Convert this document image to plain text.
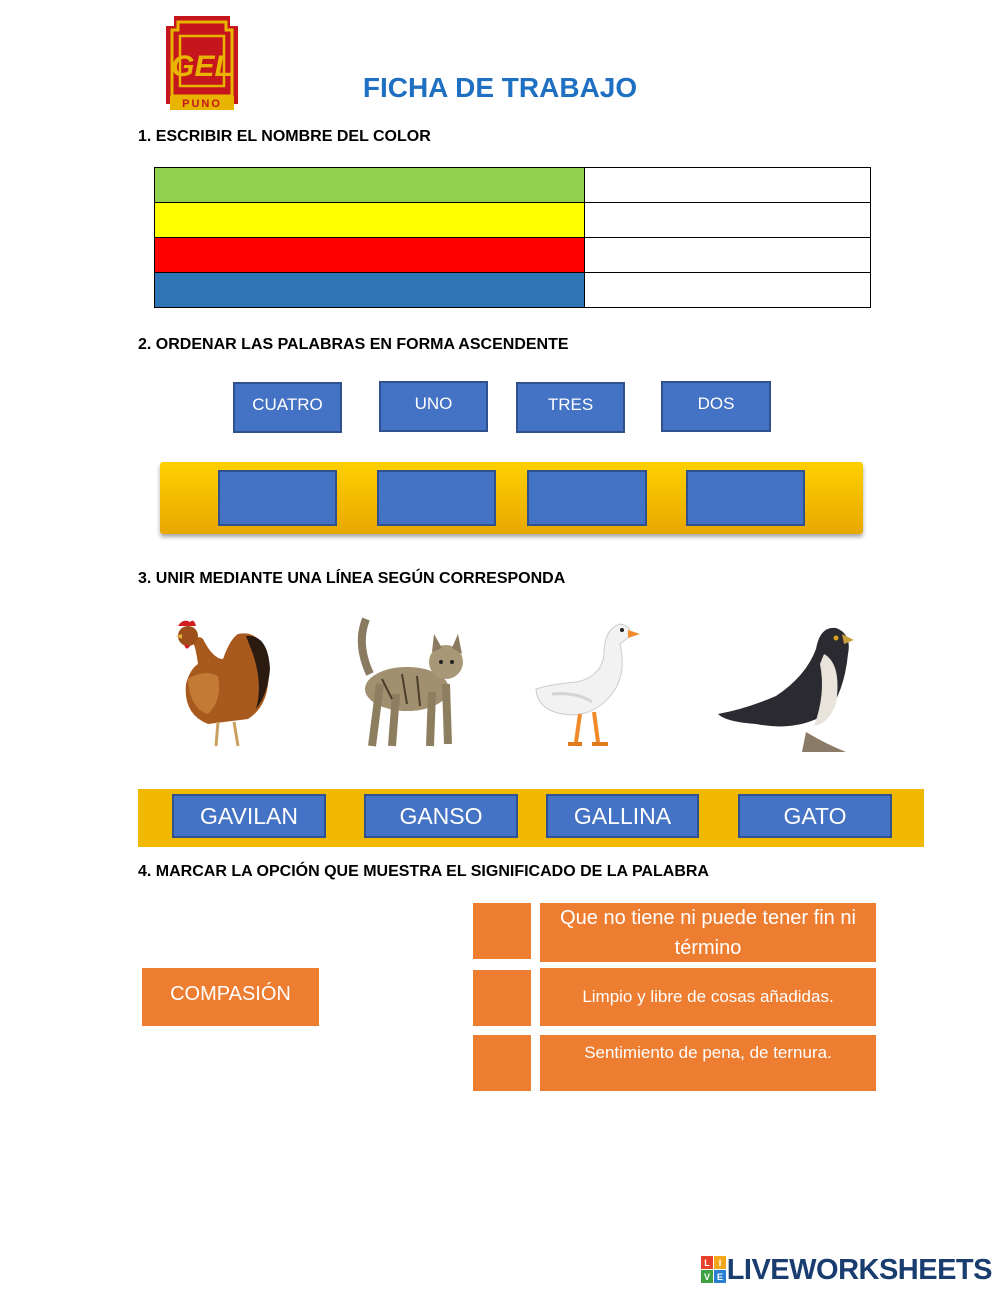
GEL
PUNO
FICHA DE TRABAJO
1. ESCRIBIR EL NOMBRE DEL COLOR

2. ORDENAR LAS PALABRAS EN FORMA ASCENDENTE
CUATRO	UNO	TRES	DOS
3. UNIR MEDIANTE UNA LÍNEA SEGÚN CORRESPONDA
GAVILAN	GANSO	GALLINA	GATO
4. MARCAR LA OPCIÓN QUE MUESTRA EL SIGNIFICADO DE LA PALABRA
COMPASIÓN
Que no tiene ni puede tener fin ni término
Limpio y libre de cosas añadidas.
Sentimiento de pena, de ternura.
L I
V E LIVEWORKSHEETS
